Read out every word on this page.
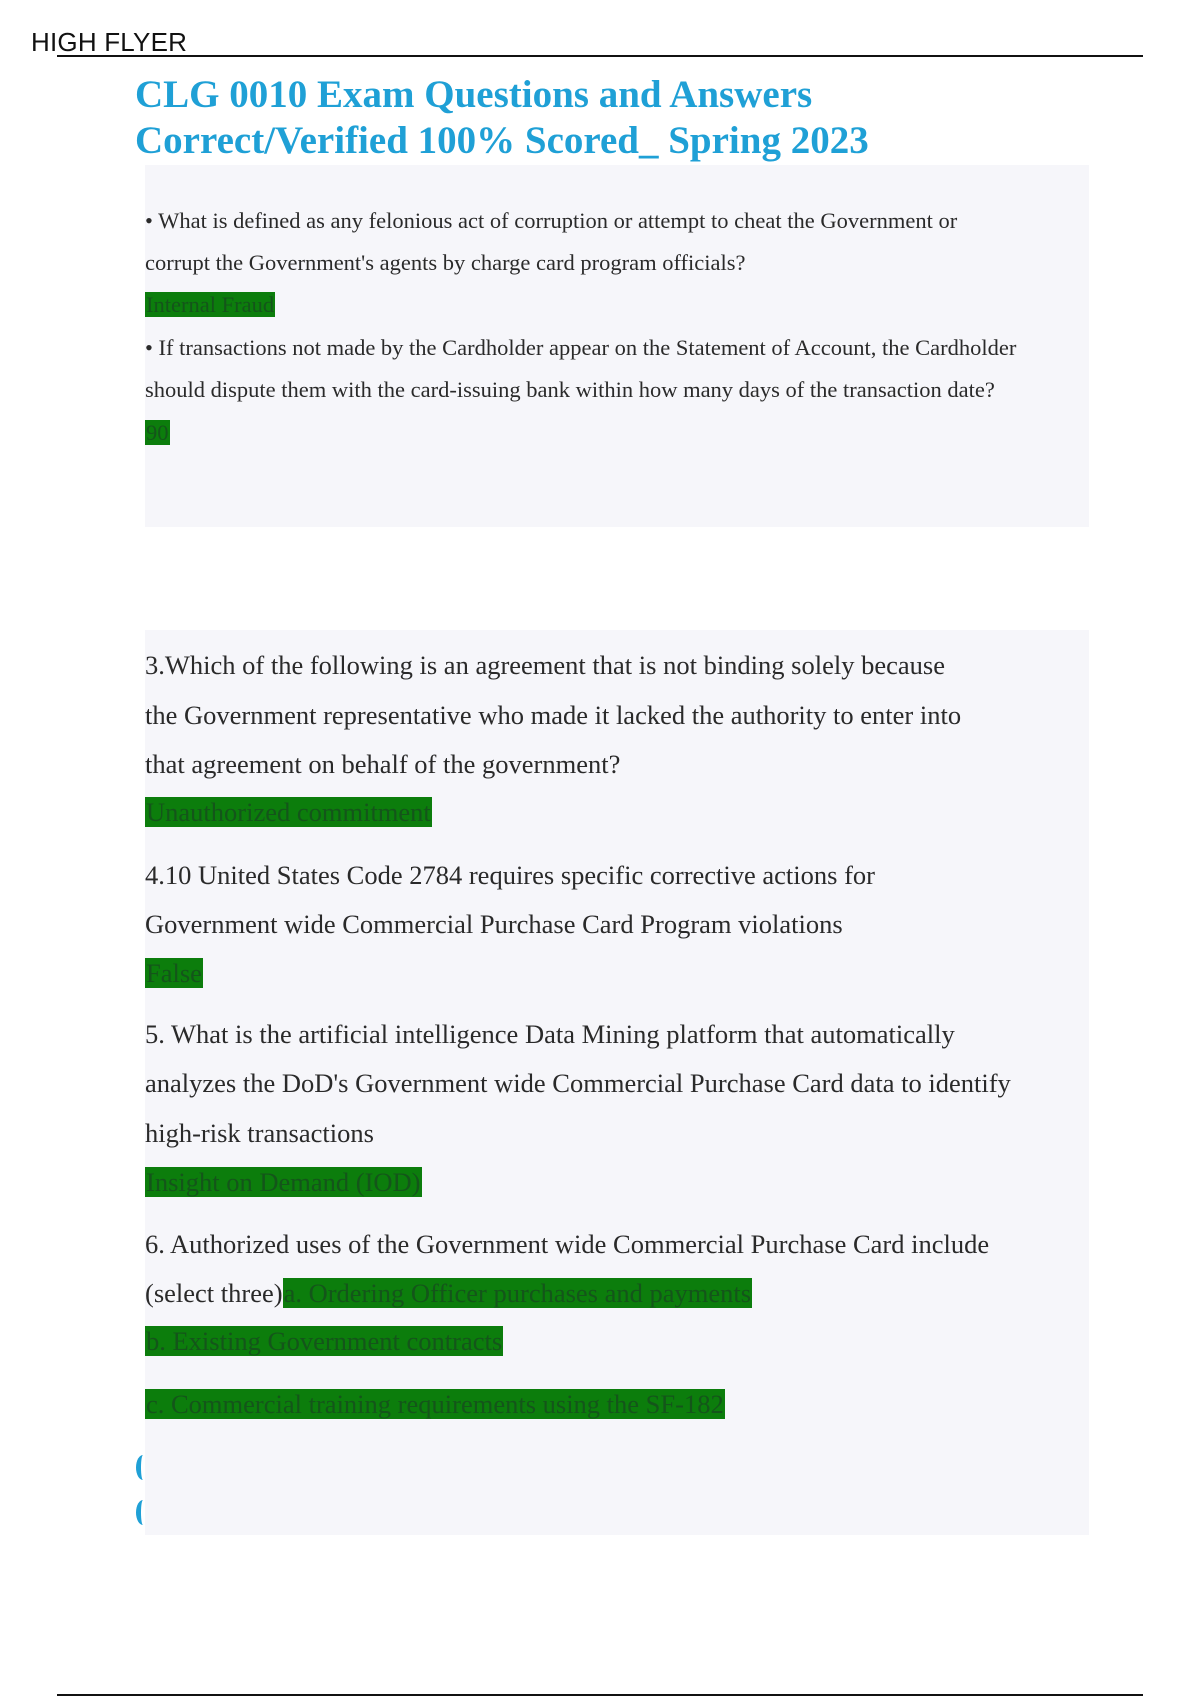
HIGH FLYER
CLG 0010 Exam Questions and Answers
Correct/Verified 100% Scored_ Spring 2023
• What is defined as any felonious act of corruption or attempt to cheat the Government or
corrupt the Government's agents by charge card program officials?
Internal Fraud
• If transactions not made by the Cardholder appear on the Statement of Account, the Cardholder
should dispute them with the card-issuing bank within how many days of the transaction date?
90
3.Which of the following is an agreement that is not binding solely because
the Government representative who made it lacked the authority to enter into
that agreement on behalf of the government?
Unauthorized commitment
4.10 United States Code 2784 requires specific corrective actions for
Government wide Commercial Purchase Card Program violations
False
5. What is the artificial intelligence Data Mining platform that automatically
analyzes the DoD's Government wide Commercial Purchase Card data to identify
high-risk transactions
Insight on Demand (IOD)
6. Authorized uses of the Government wide Commercial Purchase Card include
(select three)a. Ordering Officer purchases and payments
b. Existing Government contracts
c. Commercial training requirements using the SF-182
